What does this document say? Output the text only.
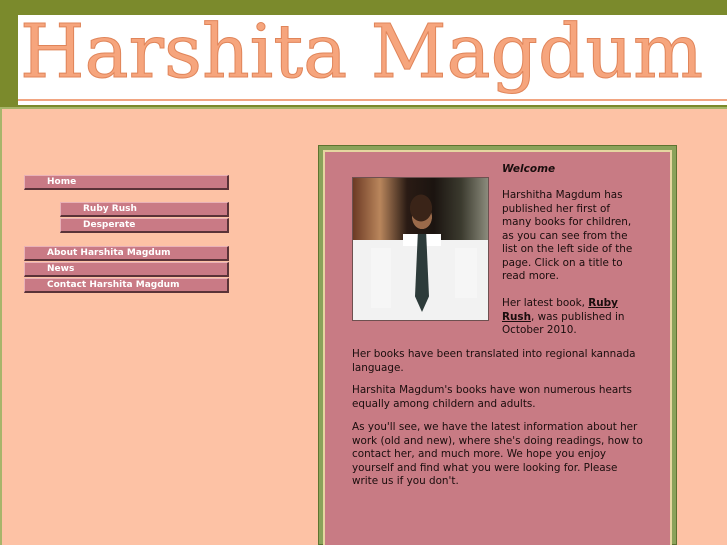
Harshita Magdum
Home
Ruby Rush
Desperate
About Harshita Magdum
News
Contact Harshita Magdum
Welcome
Harshitha Magdum has published her first of many books for children, as you can see from the list on the left side of the page. Click on a title to read more.
Her latest book, Ruby Rush, was published in October 2010.
Her books have been translated into regional kannada language.
Harshita Magdum's books have won numerous hearts equally among childern and adults.
As you'll see, we have the latest information about her work (old and new), where she's doing readings, how to contact her, and much more. We hope you enjoy yourself and find what you were looking for. Please write us if you don't.
